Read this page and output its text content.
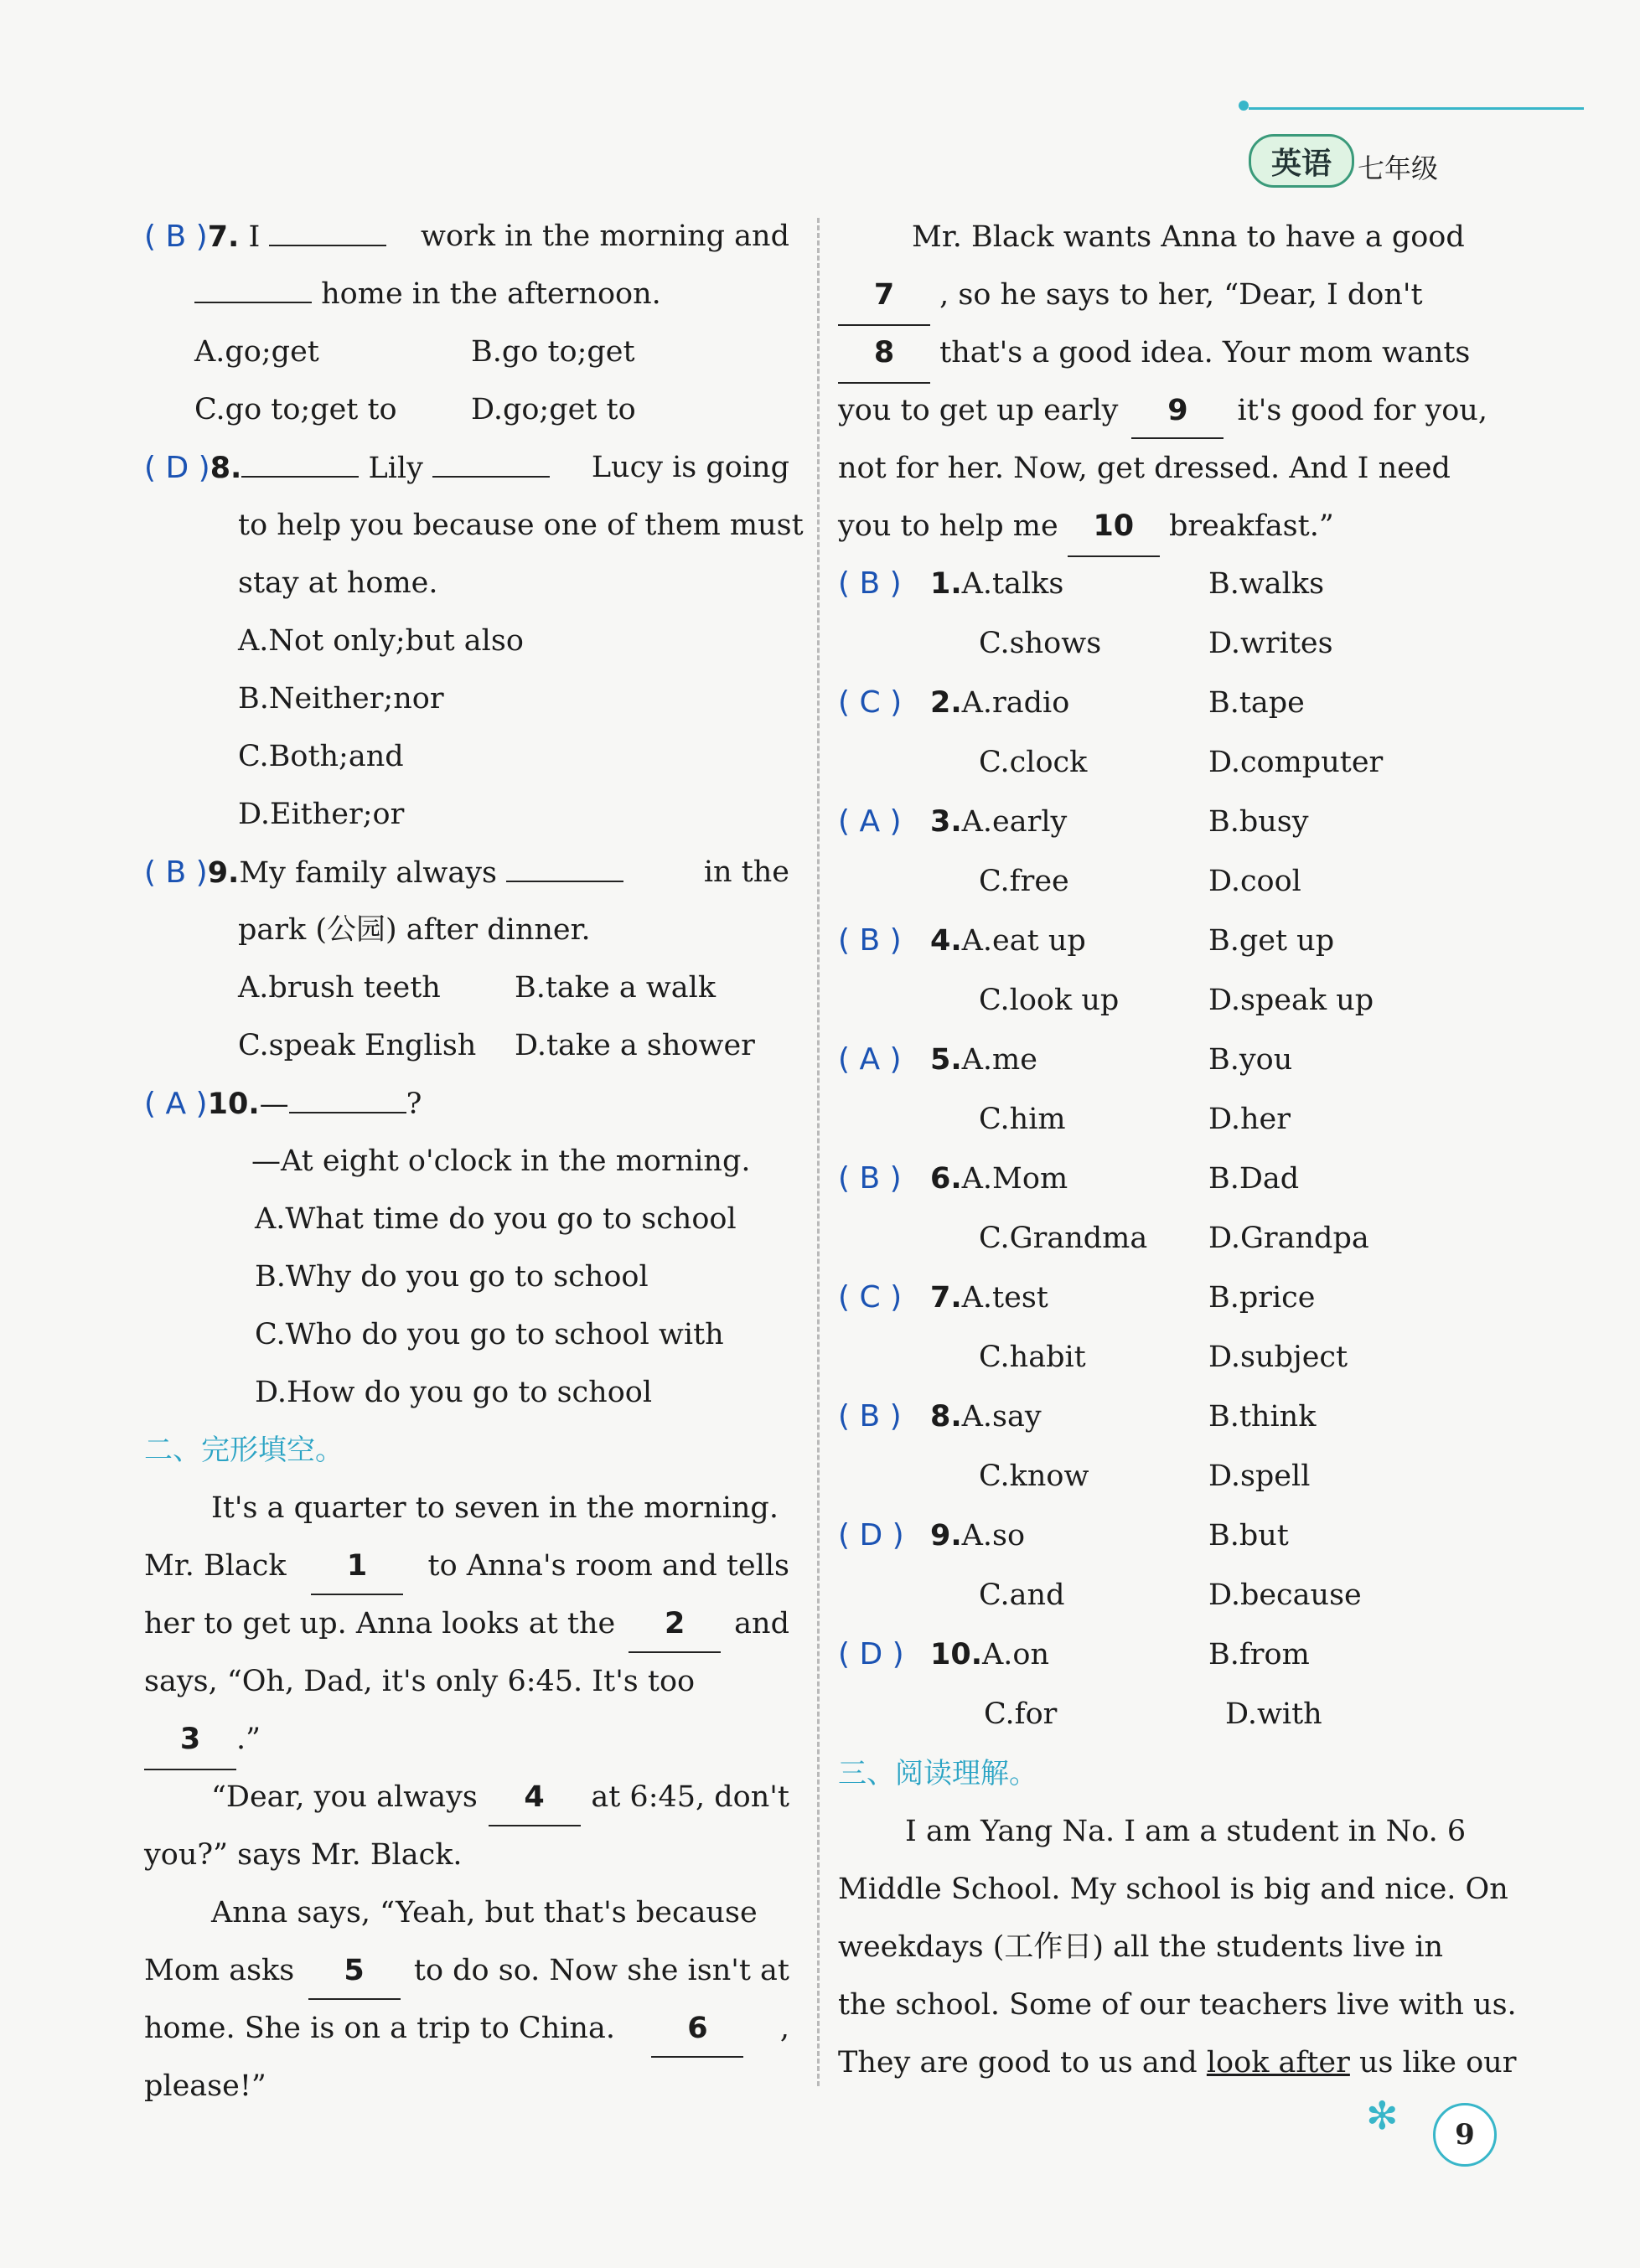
英语 七年级
( B )7. I	work in the morning and
home in the afternoon.
A.go;get	B.go to;get
C.go to;get to	D.go;get to
( D )8.	Lily	Lucy is going
to help you because one of them must
stay at home.
A.Not only;but also
B.Neither;nor
C.Both;and
D.Either;or
( B )9.My family always	in the
park (公园) after dinner.
A.brush teeth	B.take a walk
C.speak English	D.take a shower
( A )10.—	?
—At eight o'clock in the morning.
A.What time do you go to school
B.Why do you go to school
C.Who do you go to school with
D.How do you go to school
二、完形填空。
It's a quarter to seven in the morning.
Mr. Black	1	to Anna's room and tells
her to get up. Anna looks at the	2	and
says, “Oh, Dad, it's only 6:45. It's too
3 .”
“Dear, you always	4	at 6:45, don't
you?” says Mr. Black.
Anna says, “Yeah, but that's because
Mom asks	5	to do so. Now she isn't at
home. She is on a trip to China.	6	,
please!”
Mr. Black wants Anna to have a good
7 , so he says to her, “Dear, I don't
8 that's a good idea. Your mom wants
you to get up early	9	it's good for you,
not for her. Now, get dressed. And I need
you to help me 10 breakfast.”
( B ) 1.A.talks	B.walks
C.shows	D.writes
( C ) 2.A.radio	B.tape
C.clock	D.computer
( A ) 3.A.early	B.busy
C.free	D.cool
( B ) 4.A.eat up	B.get up
C.look up	D.speak up
( A ) 5.A.me	B.you
C.him	D.her
( B ) 6.A.Mom	B.Dad
C.Grandma	D.Grandpa
( C ) 7.A.test	B.price
C.habit	D.subject
( B ) 8.A.say	B.think
C.know	D.spell
( D ) 9.A.so	B.but
C.and	D.because
( D ) 10.A.on	B.from
C.for	D.with
三、阅读理解。
I am Yang Na. I am a student in No. 6
Middle School. My school is big and nice. On
weekdays (工作日) all the students live in
the school. Some of our teachers live with us.
They are good to us and look after us like our
✻	9
